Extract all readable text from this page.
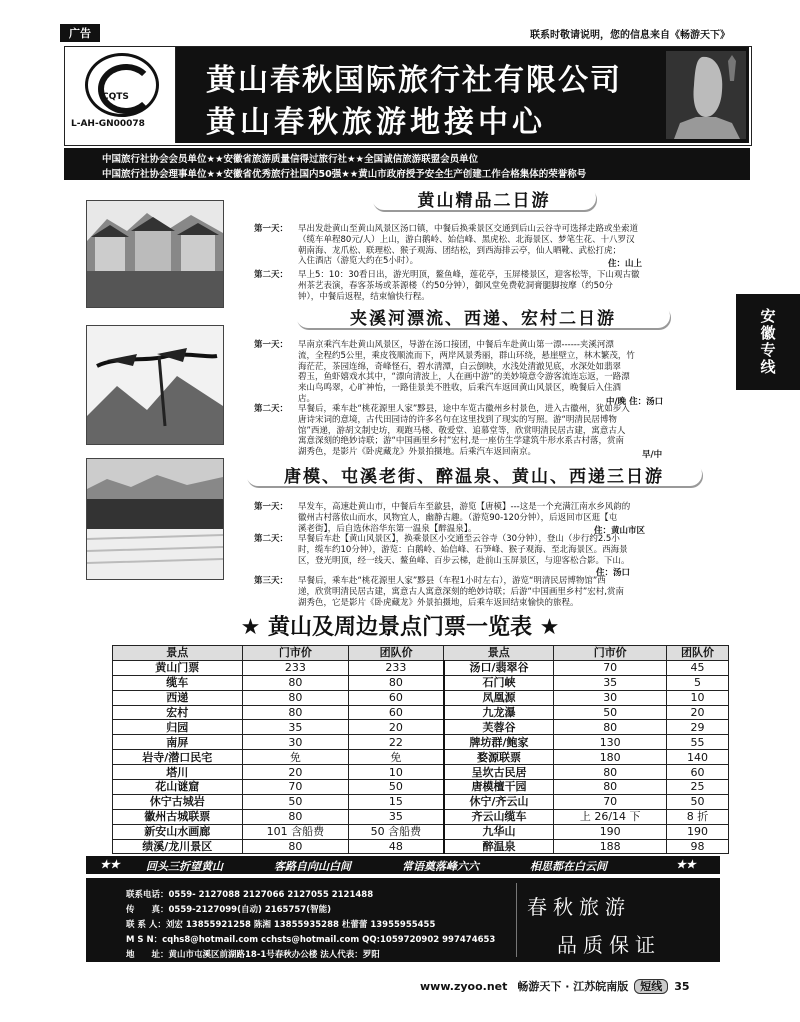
广告	联系时敬请说明，您的信息来自《畅游天下》
CQTS
L-AH-GN00078
黄山春秋国际旅行社有限公司
黄山春秋旅游地接中心
中国旅行社协会会员单位★★安徽省旅游质量信得过旅行社★★全国诚信旅游联盟会员单位
中国旅行社协会理事单位★★安徽省优秀旅行社国内50强★★黄山市政府授予安全生产创建工作合格集体的荣誉称号
安徽专线
黄山精品二日游
第一天：	早出发赴黄山至黄山风景区汤口镇，中餐后换乘景区交通到后山云谷寺可选择走路或坐索道
（缆车单程80元/人）上山，游白鹅岭、始信峰、黑虎松、北海景区、梦笔生花、十八罗汉
朝南海、龙爪松、联理松、猴子观海、团结松，到西海排云亭，仙人晒靴、武松打虎；
入住酒店（游览大约在5小时）。	住：山上
第二天：	早上5：10：30看日出，游光明顶，鳌鱼峰，莲花亭，玉屏楼景区，迎客松等，下山观古徽
州茶艺表演，春客茶场或茶源楼（约50分钟），御风堂免费乾洞膏腿脚按摩（约50分
钟），中餐后返程，结束愉快行程。
夹溪河漂流、西递、宏村二日游
第一天：	早南京乘汽车赴黄山风景区，导游在汤口接团，中餐后车赴黄山第一漂------夹溪河漂
流，全程约5公里，乘皮筏顺流而下，两岸风景秀丽，群山环绕，悬崖壁立，林木繁茂，竹
海茫茫，茶园连绵，奇峰怪石，碧水清潭，白云倒映，水浅处清澈见底，水深处如翡翠
碧玉，鱼虾嬉戏水其中，“漂向清波上，人在画中游”的美妙境意令游客流连忘返，一路漂
来山鸟鸣翠，心旷神怡，一路佳景美不胜收，后乘汽车返回黄山风景区，晚餐后入住酒
店。	中/晚 住：汤口
第二天：	早餐后，乘车赴“桃花源里人家”黟县，途中车览古徽州乡村景色，进入古徽州，犹如步入
唐诗宋词的意境，古代田园诗的许多名句在这里找到了现实的写照。游“明清民居博物
馆”西递，游胡文制史坊，观跑马楼、敬爱堂、追慕堂等，欣赏明清民居古建，寓意古人
寓意深刻的绝妙诗联；游“中国画里乡村”宏村,是一座仿生学建筑牛形水系古村落，赏南
湖秀色，是影片《卧虎藏龙》外景拍摄地。后乘汽车返回南京。	早/中
唐模、屯溪老街、醉温泉、黄山、西递三日游
第一天：	早发车，高速赴黄山市，中餐后车至歙县，游览【唐模】---这是一个充满江南水乡风韵的
徽州古村落依山而水，风物宜人，幽静古趣。（游览90-120分钟），后返回市区逛【屯
溪老街】，后自选休浴华东第一温泉【醉温泉】。	住：黄山市区
第二天：	早餐后车赴【黄山风景区】，换乘景区小交通至云谷寺（30分钟），登山（步行约2.5小
时，缆车约10分钟），游览：白鹅岭、始信峰、石笋峰、猴子观海、至北海景区。西海景
区，登光明顶，经一线天、鳌鱼峰、百步云梯，赴前山玉屏景区，与迎客松合影。下山。
住：汤口
第三天：	早餐后，乘车赴“桃花源里人家”黟县（车程1小时左右），游览“明清民居博物馆”西
递，欣赏明清民居古建，寓意古人寓意深刻的绝妙诗联；后游“中国画里乡村”宏村,赏南
湖秀色，它是影片《卧虎藏龙》外景拍摄地，后乘车返回结束愉快的旅程。
★ 黄山及周边景点门票一览表 ★
景点	门市价	团队价	景点	门市价	团队价
黄山门票	233	233	汤口/翡翠谷	70	45
缆车	80	80	石门峡	35	5
西递	80	60	凤凰源	30	10
宏村	80	60	九龙瀑	50	20
归园	35	20	芙蓉谷	80	29
南屏	30	22	牌坊群/鲍家	130	55
岩寺/潜口民宅	免	免	婺源联票	180	140
塔川	20	10	呈坎古民居	80	60
花山谜窟	70	50	唐模檀干园	80	25
休宁古城岩	50	15	休宁/齐云山	70	50
徽州古城联票	80	35	齐云山缆车	上 26/14 下	8 折
新安山水画廊	101 含船费	50 含船费	九华山	190	190
绩溪/龙川景区	80	48	醉温泉	188	98
★★ 回头三折望黄山	客路自向山白间	常语奠落峰六六	相思都在白云间	★★
联系电话：0559- 2127088 2127066 2127055 2121488
传　　真：0559-2127099(自动) 2165757(智能)
联 系 人：刘宏 13855921258 陈湘 13855935288 杜蕾蕾 13955955455
M S N：cqhs8@hotmail.com cchsts@hotmail.com QQ:1059720902 997474653
地　　址：黄山市屯溪区前湖路18-1号春秋办公楼 法人代表：罗阳
春秋旅游
品质保证
www.zyoo.net 畅游天下 · 江苏皖南版 短线 35
